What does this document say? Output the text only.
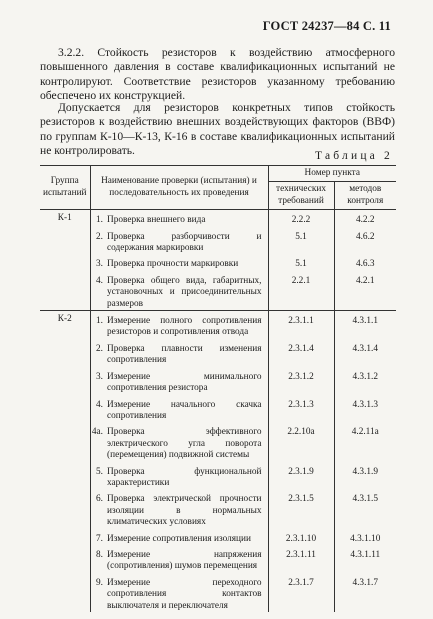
ГОСТ 24237—84 С. 11
3.2.2. Стойкость резисторов к воздействию атмосферного повышенного давления в составе квалификационных испытаний не контролируют. Соответствие резисторов указанному требованию обеспечено их конструкцией.
Допускается для резисторов конкретных типов стойкость резисторов к воздействию внешних воздействующих факторов (ВВФ) по группам К-10—К-13, К-16 в составе квалификационных испытаний не контролировать.	Таблица 2
Группа испытаний	Наименование проверки (испытания) и последовательность их проведения		Номер пункта	
			технических требований	методов контроля
К-1	1.	Проверка внешнего вида	2.2.2	4.2.2
	2.	Проверка разборчивости и содержания маркировки	5.1	4.6.2
	3.	Проверка прочности маркировки	5.1	4.6.3
	4.	Проверка общего вида, габаритных, установочных и присоединительных размеров	2.2.1	4.2.1
К-2	1.	Измерение полного сопротивления резисторов и сопротивления отвода	2.3.1.1	4.3.1.1
	2.	Проверка плавности изменения сопротивления	2.3.1.4	4.3.1.4
	3.	Измерение минимального сопротивления резистора	2.3.1.2	4.3.1.2
	4.	Измерение начального скачка сопротивления	2.3.1.3	4.3.1.3
	4а.	Проверка эффективного электрического угла поворота (перемещения) подвижной системы	2.2.10а	4.2.11а
	5.	Проверка функциональной характеристики	2.3.1.9	4.3.1.9
	6.	Проверка электрической прочности изоляции в нормальных климатических условиях	2.3.1.5	4.3.1.5
	7.	Измерение сопротивления изоляции	2.3.1.10	4.3.1.10
	8.	Измерение напряжения (сопротивления) шумов перемещения	2.3.1.11	4.3.1.11
	9.	Измерение переходного сопротивления контактов выключателя и переключателя	2.3.1.7	4.3.1.7
